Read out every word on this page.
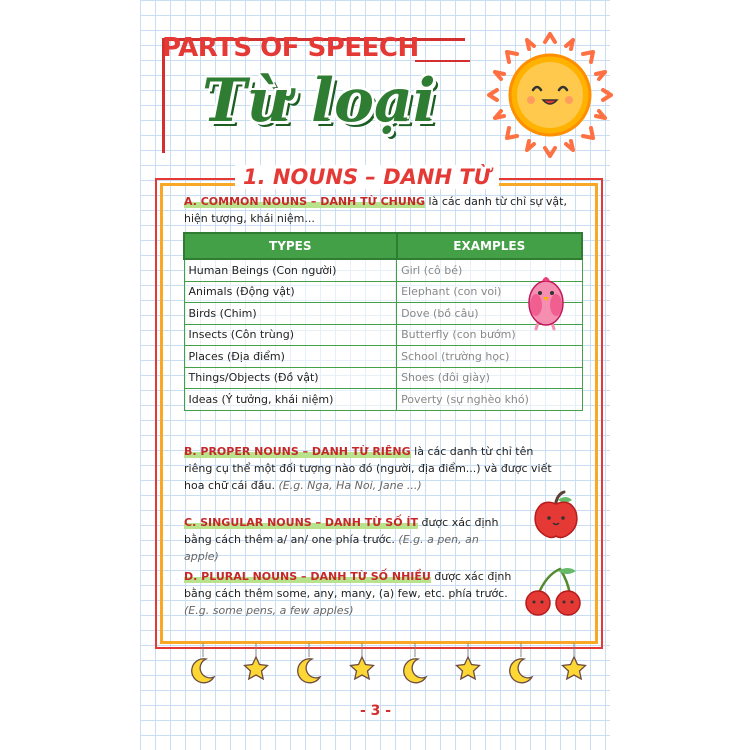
PARTS OF SPEECH
Từ loại
1. NOUNS – DANH TỪ
A. COMMON NOUNS – DANH TỪ CHUNG là các danh từ chỉ sự vật, hiện tượng, khái niệm...
TYPES	EXAMPLES
Human Beings (Con người)	Girl (cô bé)
Animals (Động vật)	Elephant (con voi)
Birds (Chim)	Dove (bồ câu)
Insects (Côn trùng)	Butterfly (con bướm)
Places (Địa điểm)	School (trường học)
Things/Objects (Đồ vật)	Shoes (đôi giày)
Ideas (Ý tưởng, khái niệm)	Poverty (sự nghèo khó)
B. PROPER NOUNS – DANH TỪ RIÊNG là các danh từ chỉ tên riêng cụ thể một đối tượng nào đó (người, địa điểm...) và được viết hoa chữ cái đầu. (E.g. Nga, Ha Noi, Jane ...)
C. SINGULAR NOUNS – DANH TỪ SỐ ÍT được xác định bằng cách thêm a/ an/ one phía trước. (E.g. a pen, an apple)
D. PLURAL NOUNS – DANH TỪ SỐ NHIỀU được xác định bằng cách thêm some, any, many, (a) few, etc. phía trước. (E.g. some pens, a few apples)
- 3 -
